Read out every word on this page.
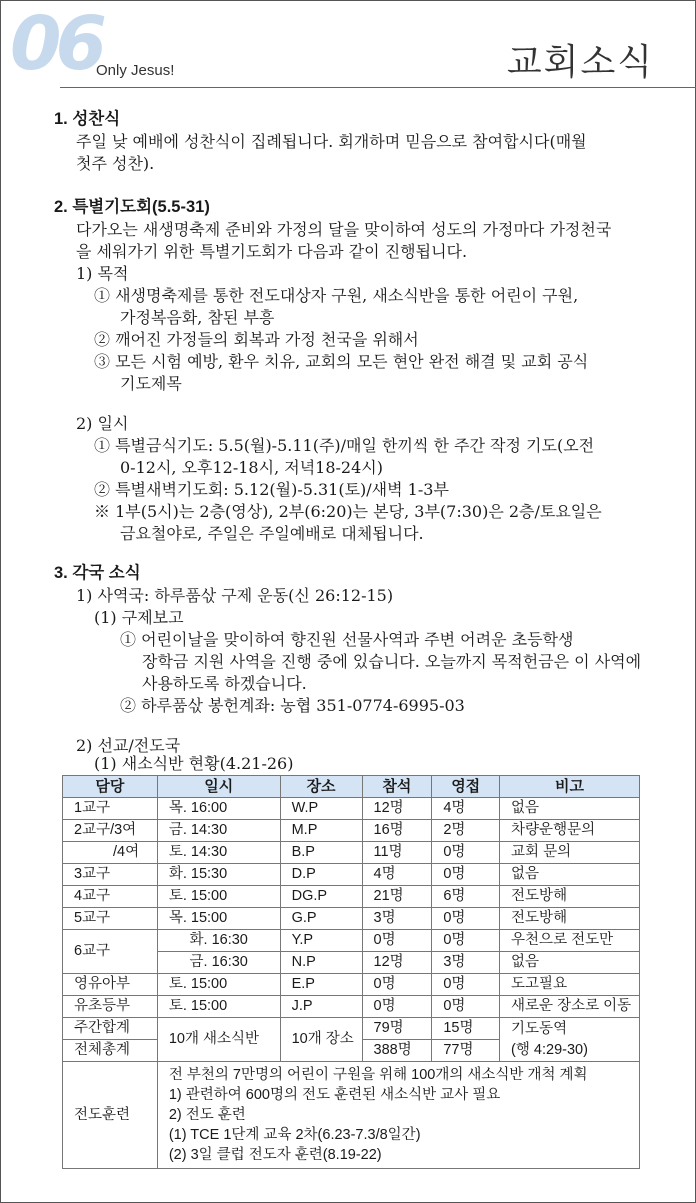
06
Only Jesus!	교회소식
1. 성찬식
주일 낮 예배에 성찬식이 집례됩니다. 회개하며 믿음으로 참여합시다(매월
첫주 성찬).
2. 특별기도회(5.5-31)
다가오는 새생명축제 준비와 가정의 달을 맞이하여 성도의 가정마다 가정천국
을 세워가기 위한 특별기도회가 다음과 같이 진행됩니다.
1) 목적
① 새생명축제를 통한 전도대상자 구원, 새소식반을 통한 어린이 구원,
가정복음화, 참된 부흥
② 깨어진 가정들의 회복과 가정 천국을 위해서
③ 모든 시험 예방, 환우 치유, 교회의 모든 현안 완전 해결 및 교회 공식
기도제목
2) 일시
① 특별금식기도: 5.5(월)-5.11(주)/매일 한끼씩 한 주간 작정 기도(오전
0-12시, 오후12-18시, 저녁18-24시)
② 특별새벽기도회: 5.12(월)-5.31(토)/새벽 1-3부
※ 1부(5시)는 2층(영상), 2부(6:20)는 본당, 3부(7:30)은 2층/토요일은
금요철야로, 주일은 주일예배로 대체됩니다.
3. 각국 소식
1) 사역국: 하루품삯 구제 운동(신 26:12-15)
(1) 구제보고
① 어린이날을 맞이하여 향진원 선물사역과 주변 어려운 초등학생
장학금 지원 사역을 진행 중에 있습니다. 오늘까지 목적헌금은 이 사역에
사용하도록 하겠습니다.
② 하루품삯 봉헌계좌: 농협 351-0774-6995-03
2) 선교/전도국
(1) 새소식반 현황(4.21-26)
담당	일시	장소	참석	영접	비고
1교구	목. 16:00	W.P	12명	4명	없음
2교구/3여	금. 14:30	M.P	16명	2명	차량운행문의
/4여	토. 14:30	B.P	11명	0명	교회 문의
3교구	화. 15:30	D.P	4명	0명	없음
4교구	토. 15:00	DG.P	21명	6명	전도방해
5교구	목. 15:00	G.P	3명	0명	전도방해
6교구	화. 16:30	Y.P	0명	0명	우천으로 전도만
	금. 16:30	N.P	12명	3명	없음
영유아부	토. 15:00	E.P	0명	0명	도고필요
유초등부	토. 15:00	J.P	0명	0명	새로운 장소로 이동
주간합계	10개 새소식반	10개 장소	79명	15명	기도동역
(행 4:29-30)
전체총계			388명	77명	
전도훈련	전 부천의 7만명의 어린이 구원을 위해 100개의 새소식반 개척 계획
1) 관련하여 600명의 전도 훈련된 새소식반 교사 필요
2) 전도 훈련
(1) TCE 1단계 교육 2차(6.23-7.3/8일간)
(2) 3일 클럽 전도자 훈련(8.19-22)				
